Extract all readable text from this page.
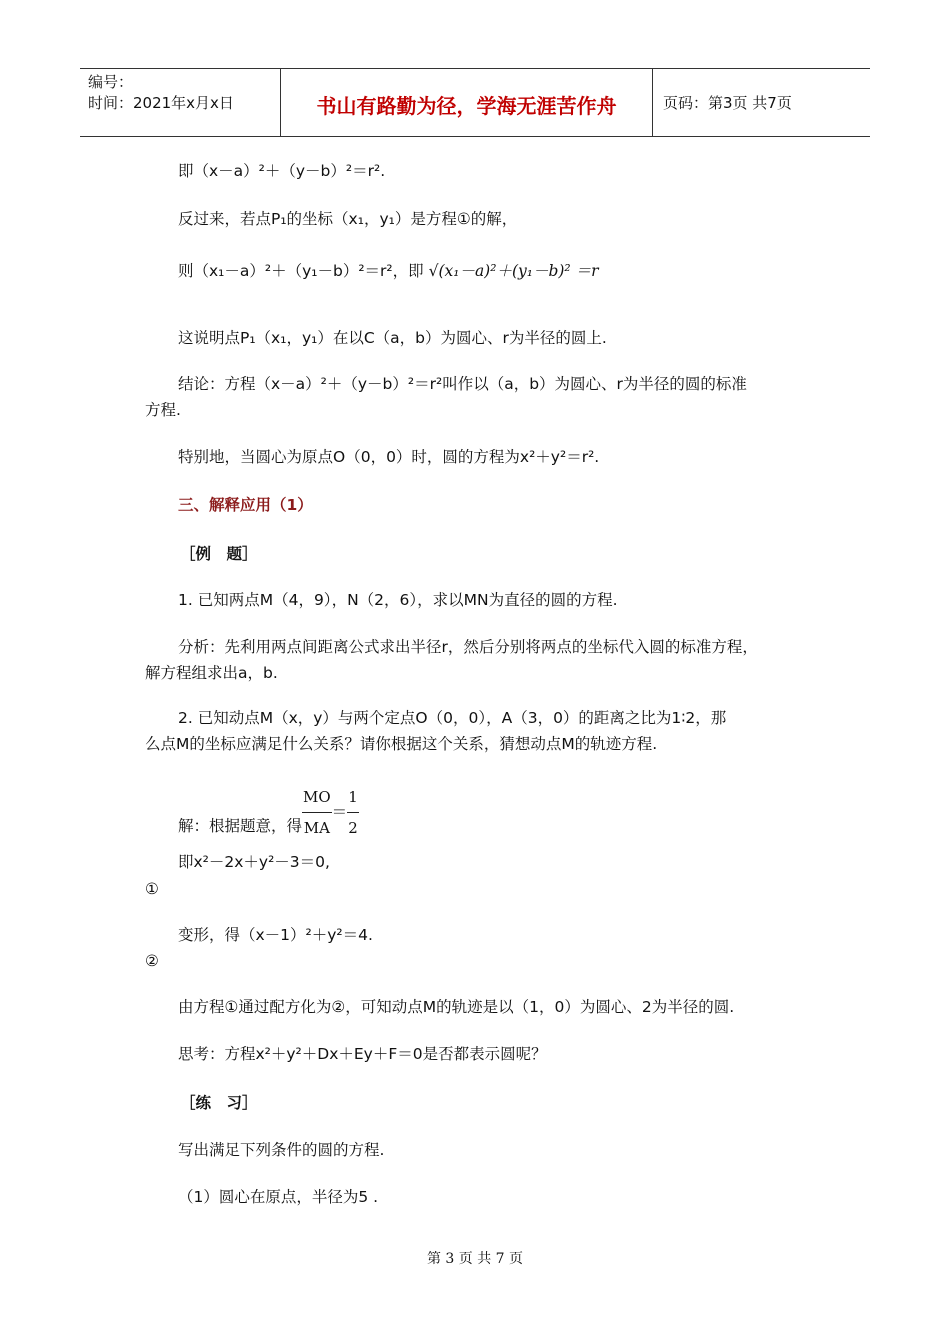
编号：
时间：2021年x月x日	书山有路勤为径，学海无涯苦作舟	页码：第3页 共7页
即（x－a）²＋（y－b）²＝r².
反过来，若点P₁的坐标（x₁，y₁）是方程①的解，
则（x₁－a）²＋（y₁－b）²＝r²，即 √(x₁－a)²＋(y₁－b)² ＝r
这说明点P₁（x₁，y₁）在以C（a，b）为圆心、r为半径的圆上.
结论：方程（x－a）²＋（y－b）²＝r²叫作以（a，b）为圆心、r为半径的圆的标准
方程.
特别地，当圆心为原点O（0，0）时，圆的方程为x²＋y²＝r².
三、解释应用（1）
［例　题］
1. 已知两点M（4，9），N（2，6），求以MN为直径的圆的方程.
分析：先利用两点间距离公式求出半径r，然后分别将两点的坐标代入圆的标准方程，
解方程组求出a，b.
2. 已知动点M（x，y）与两个定点O（0，0），A（3，0）的距离之比为1∶2，那
么点M的坐标应满足什么关系？请你根据这个关系，猜想动点M的轨迹方程.
解：根据题意，得 $\frac{MO}{MA} = \frac{1}{2}$
即x²－2x＋y²－3＝0,
①
变形，得（x－1）²＋y²＝4.
②
由方程①通过配方化为②，可知动点M的轨迹是以（1，0）为圆心、2为半径的圆.
思考：方程x²＋y²＋Dx＋Ey＋F＝0是否都表示圆呢？
［练　习］
写出满足下列条件的圆的方程.
（1）圆心在原点，半径为5 .
第 3 页 共 7 页
